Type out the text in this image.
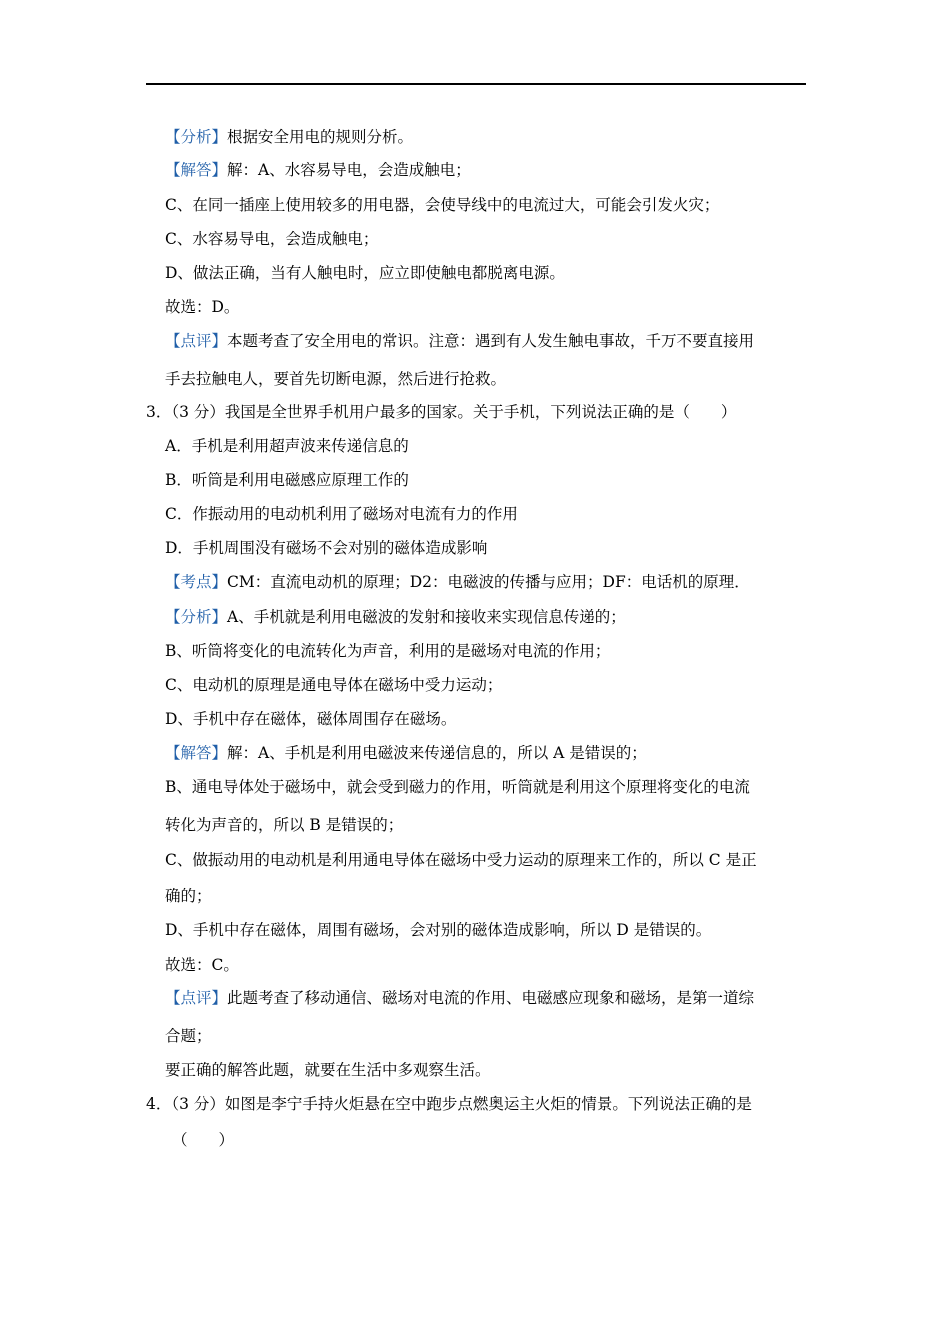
【分析】根据安全用电的规则分析。
【解答】解：A、水容易导电，会造成触电；
C、在同一插座上使用较多的用电器，会使导线中的电流过大，可能会引发火灾；
C、水容易导电，会造成触电；
D、做法正确，当有人触电时，应立即使触电都脱离电源。
故选：D。
【点评】本题考查了安全用电的常识。注意：遇到有人发生触电事故，千万不要直接用
手去拉触电人，要首先切断电源，然后进行抢救。
3．（3 分）我国是全世界手机用户最多的国家。关于手机，下列说法正确的是（　　）
A．手机是利用超声波来传递信息的
B．听筒是利用电磁感应原理工作的
C．作振动用的电动机利用了磁场对电流有力的作用
D．手机周围没有磁场不会对别的磁体造成影响
【考点】CM：直流电动机的原理；D2：电磁波的传播与应用；DF：电话机的原理．
【分析】A、手机就是利用电磁波的发射和接收来实现信息传递的；
B、听筒将变化的电流转化为声音，利用的是磁场对电流的作用；
C、电动机的原理是通电导体在磁场中受力运动；
D、手机中存在磁体，磁体周围存在磁场。
【解答】解：A、手机是利用电磁波来传递信息的，所以 A 是错误的；
B、通电导体处于磁场中，就会受到磁力的作用，听筒就是利用这个原理将变化的电流
转化为声音的，所以 B 是错误的；
C、做振动用的电动机是利用通电导体在磁场中受力运动的原理来工作的，所以 C 是正
确的；
D、手机中存在磁体，周围有磁场，会对别的磁体造成影响，所以 D 是错误的。
故选：C。
【点评】此题考查了移动通信、磁场对电流的作用、电磁感应现象和磁场，是第一道综
合题；
要正确的解答此题，就要在生活中多观察生活。
4．（3 分）如图是李宁手持火炬悬在空中跑步点燃奥运主火炬的情景。下列说法正确的是
（　　）
